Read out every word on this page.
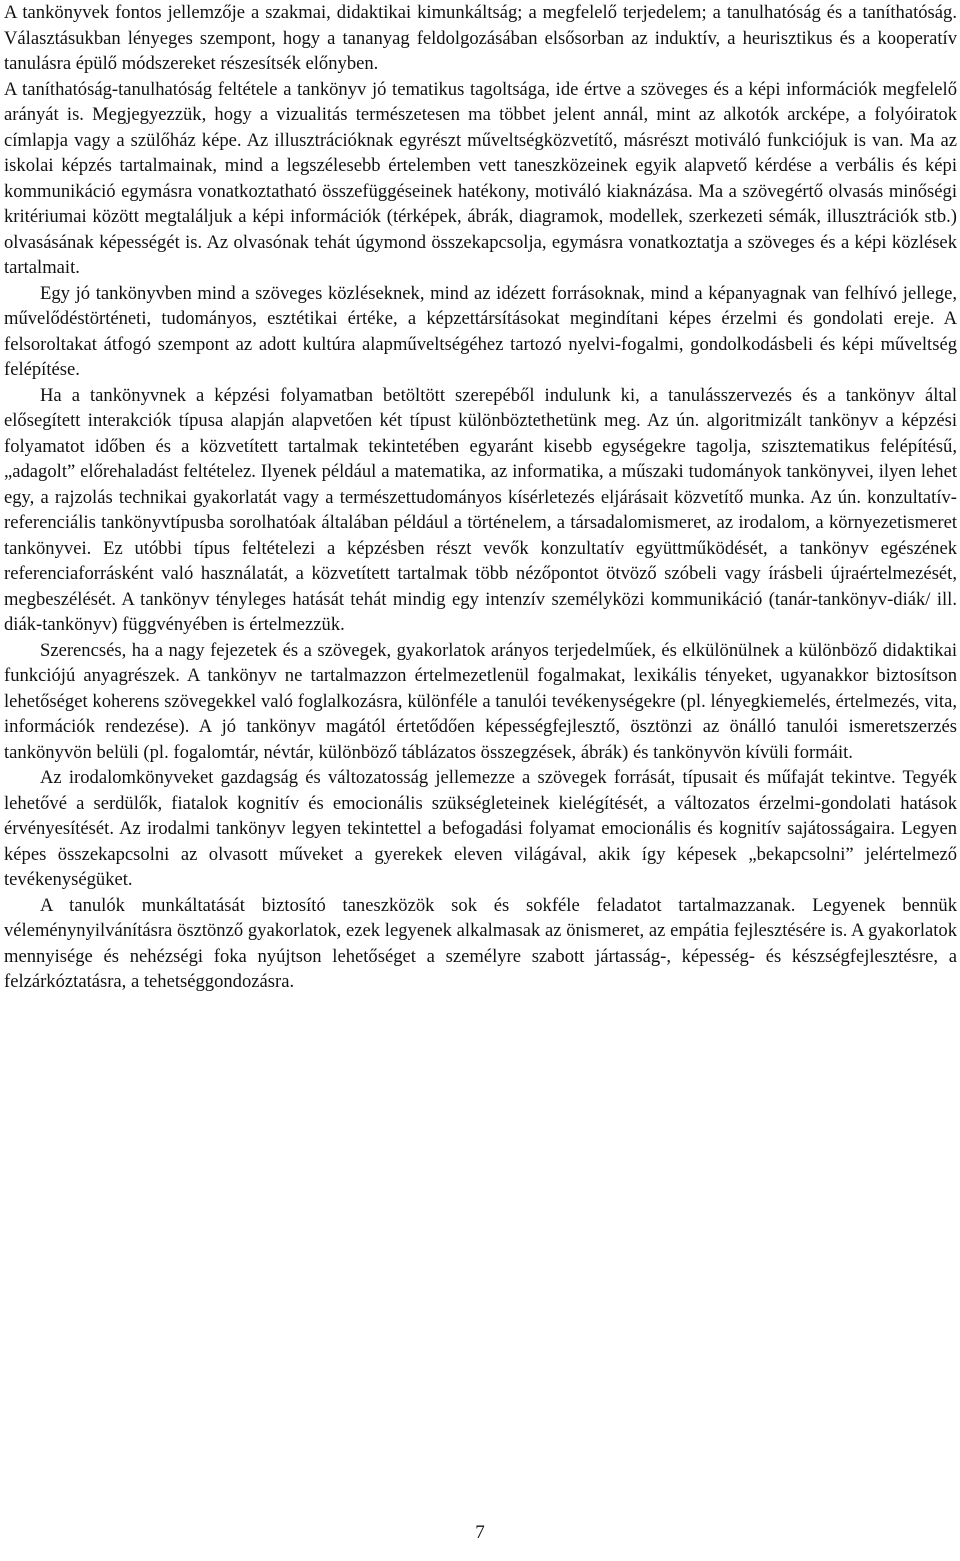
A tankönyvek fontos jellemzője a szakmai, didaktikai kimunkáltság; a megfelelő terjedelem; a tanulhatóság és a taníthatóság. Választásukban lényeges szempont, hogy a tananyag feldolgozásában elsősorban az induktív, a heurisztikus és a kooperatív tanulásra épülő módszereket részesítsék előnyben.

A taníthatóság-tanulhatóság feltétele a tankönyv jó tematikus tagoltsága, ide értve a szöveges és a képi információk megfelelő arányát is. Megjegyezzük, hogy a vizualitás természetesen ma többet jelent annál, mint az alkotók arcképe, a folyóiratok címlapja vagy a szülőház képe. Az illusztrációknak egyrészt műveltségközvetítő, másrészt motiváló funkciójuk is van. Ma az iskolai képzés tartalmainak, mind a legszélesebb értelemben vett taneszközeinek egyik alapvető kérdése a verbális és képi kommunikáció egymásra vonatkoztatható összefüggéseinek hatékony, motiváló kiaknázása. Ma a szövegértő olvasás minőségi kritériumai között megtaláljuk a képi információk (térképek, ábrák, diagramok, modellek, szerkezeti sémák, illusztrációk stb.) olvasásának képességét is. Az olvasónak tehát úgymond összekapcsolja, egymásra vonatkoztatja a szöveges és a képi közlések tartalmait.

Egy jó tankönyvben mind a szöveges közléseknek, mind az idézett forrásoknak, mind a képanyagnak van felhívó jellege, művelődéstörténeti, tudományos, esztétikai értéke, a képzettársításokat megindítani képes érzelmi és gondolati ereje. A felsoroltakat átfogó szempont az adott kultúra alapműveltségéhez tartozó nyelvi-fogalmi, gondolkodásbeli és képi műveltség felépítése.

Ha a tankönyvnek a képzési folyamatban betöltött szerepéből indulunk ki, a tanulásszervezés és a tankönyv által elősegített interakciók típusa alapján alapvetően két típust különböztethetünk meg. Az ún. algoritmizált tankönyv a képzési folyamatot időben és a közvetített tartalmak tekintetében egyaránt kisebb egységekre tagolja, szisztematikus felépítésű, „adagolt” előrehaladást feltételez. Ilyenek például a matematika, az informatika, a műszaki tudományok tankönyvei, ilyen lehet egy, a rajzolás technikai gyakorlatát vagy a természettudományos kísérletezés eljárásait közvetítő munka. Az ún. konzultatív-referenciális tankönyvtípusba sorolhatóak általában például a történelem, a társadalomismeret, az irodalom, a környezetismeret tankönyvei. Ez utóbbi típus feltételezi a képzésben részt vevők konzultatív együttműködését, a tankönyv egészének referenciaforrásként való használatát, a közvetített tartalmak több nézőpontot ötvöző szóbeli vagy írásbeli újraértelmezését, megbeszélését. A tankönyv tényleges hatását tehát mindig egy intenzív személyközi kommunikáció (tanár-tankönyv-diák/ ill. diák-tankönyv) függvényében is értelmezzük.

Szerencsés, ha a nagy fejezetek és a szövegek, gyakorlatok arányos terjedelműek, és elkülönülnek a különböző didaktikai funkciójú anyagrészek. A tankönyv ne tartalmazzon értelmezetlenül fogalmakat, lexikális tényeket, ugyanakkor biztosítson lehetőséget koherens szövegekkel való foglalkozásra, különféle a tanulói tevékenységekre (pl. lényegkiemelés, értelmezés, vita, információk rendezése). A jó tankönyv magától értetődően képességfejlesztő, ösztönzi az önálló tanulói ismeretszerzés tankönyvön belüli (pl. fogalomtár, névtár, különböző táblázatos összegzések, ábrák) és tankönyvön kívüli formáit.

Az irodalomkönyveket gazdagság és változatosság jellemezze a szövegek forrását, típusait és műfaját tekintve. Tegyék lehetővé a serdülők, fiatalok kognitív és emocionális szükségleteinek kielégítését, a változatos érzelmi-gondolati hatások érvényesítését. Az irodalmi tankönyv legyen tekintettel a befogadási folyamat emocionális és kognitív sajátosságaira. Legyen képes összekapcsolni az olvasott műveket a gyerekek eleven világával, akik így képesek „bekapcsolni” jelértelmező tevékenységüket.

A tanulók munkáltatását biztosító taneszközök sok és sokféle feladatot tartalmazzanak. Legyenek bennük véleménynyilvánításra ösztönző gyakorlatok, ezek legyenek alkalmasak az önismeret, az empátia fejlesztésére is. A gyakorlatok mennyisége és nehézségi foka nyújtson lehetőséget a személyre szabott jártasság-, képesség- és készségfejlesztésre, a felzárkóztatásra, a tehetséggondozásra.

7
